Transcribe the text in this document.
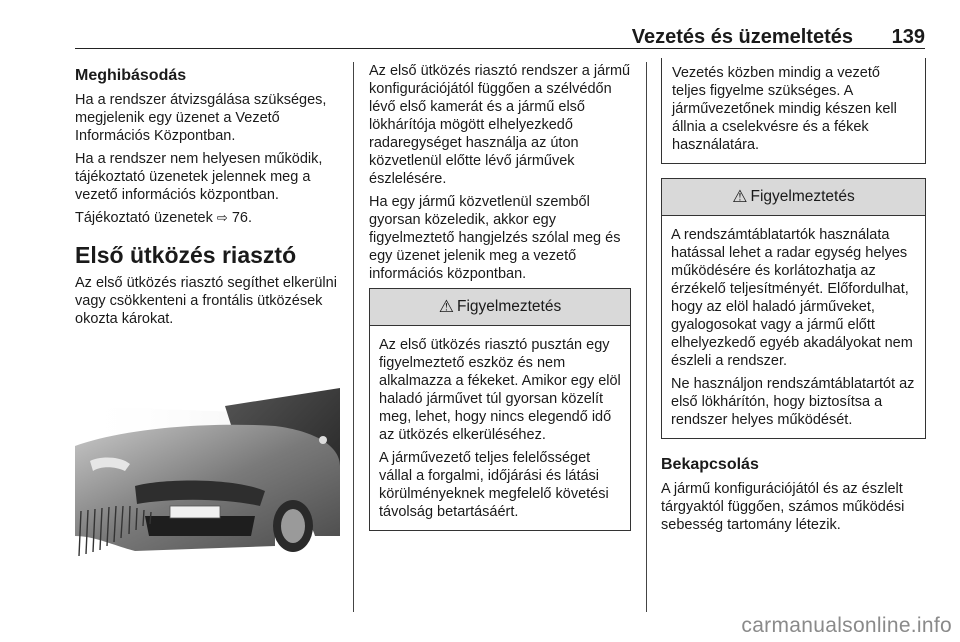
Vezetés és üzemeltetés 139
Meghibásodás

Ha a rendszer átvizsgálása szükséges, megjelenik egy üzenet a Vezető Információs Központban.

Ha a rendszer nem helyesen működik, tájékoztató üzenetek jelennek meg a vezető információs központban.

Tájékoztató üzenetek ⇨ 76.

Első ütközés riasztó

Az első ütközés riasztó segíthet elkerülni vagy csökkenteni a frontális ütközések okozta károkat.

Az első ütközés riasztó rendszer a jármű konfigurációjától függően a szélvédőn lévő első kamerát és a jármű első lökhárítója mögött elhelyezkedő radaregységet használja az úton közvetlenül előtte lévő járművek észlelésére.

Ha egy jármű közvetlenül szemből gyorsan közeledik, akkor egy figyelmeztető hangjelzés szólal meg és egy üzenet jelenik meg a vezető információs központban.

⚠ Figyelmeztetés

Az első ütközés riasztó pusztán egy figyelmeztető eszköz és nem alkalmazza a fékeket. Amikor egy elöl haladó járművet túl gyorsan közelít meg, lehet, hogy nincs elegendő idő az ütközés elkerüléséhez.

A járművezető teljes felelősséget vállal a forgalmi, időjárási és látási körülményeknek megfelelő követési távolság betartásáért.

Vezetés közben mindig a vezető teljes figyelme szükséges. A járművezetőnek mindig készen kell állnia a cselekvésre és a fékek használatára.

⚠ Figyelmeztetés

A rendszámtáblatartók használata hatással lehet a radar egység helyes működésére és korlátozhatja az érzékelő teljesítményét. Előfordulhat, hogy az elöl haladó járműveket, gyalogosokat vagy a jármű előtt elhelyezkedő egyéb akadályokat nem észleli a rendszer.

Ne használjon rendszámtáblatartót az első lökhárítón, hogy biztosítsa a rendszer helyes működését.

Bekapcsolás

A jármű konfigurációjától és az észlelt tárgyaktól függően, számos működési sebesség tartomány létezik.

carmanualsonline.info
